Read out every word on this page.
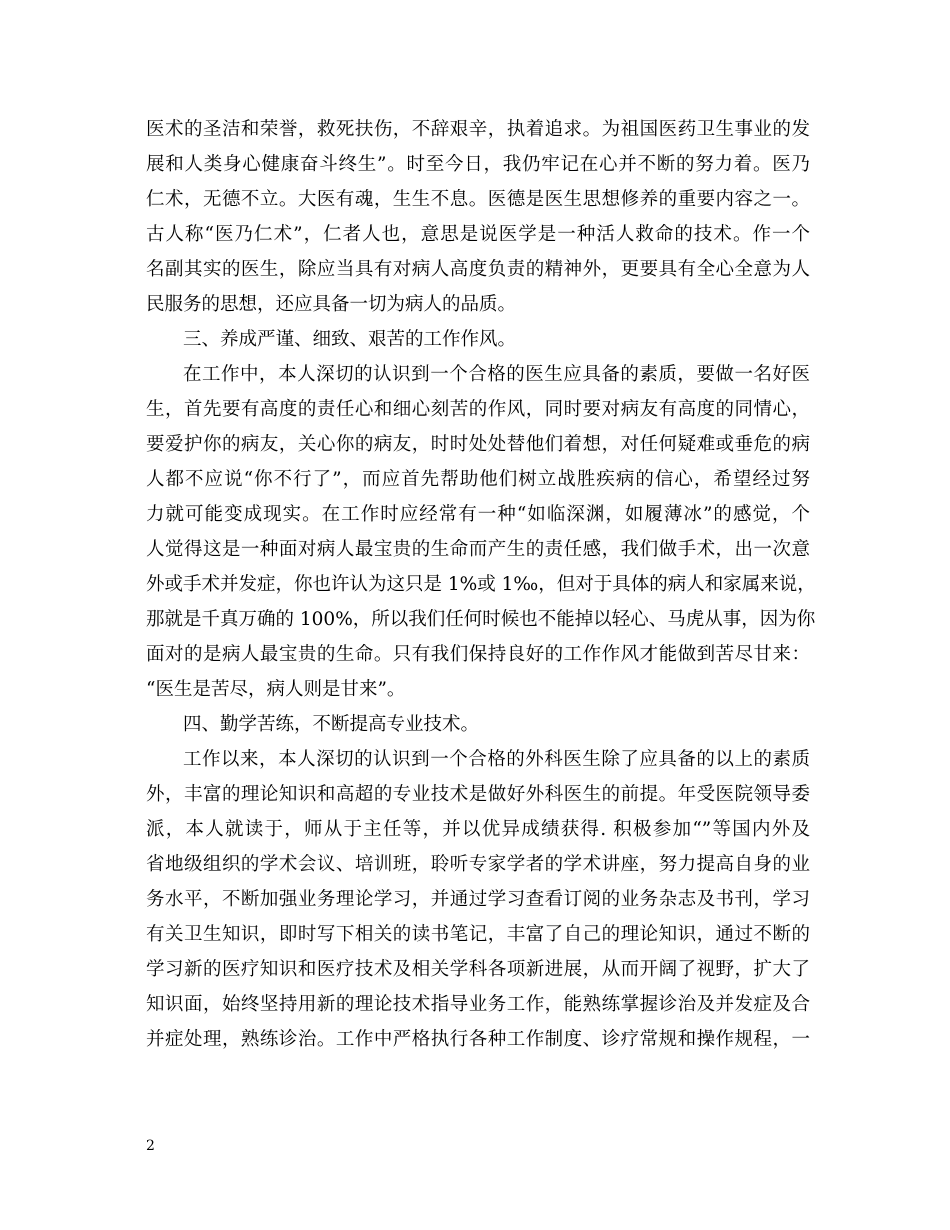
医术的圣洁和荣誉，救死扶伤，不辞艰辛，执着追求。为祖国医药卫生事业的发
展和人类身心健康奋斗终生”。时至今日，我仍牢记在心并不断的努力着。医乃
仁术，无德不立。大医有魂，生生不息。医德是医生思想修养的重要内容之一。
古人称“医乃仁术”，仁者人也，意思是说医学是一种活人救命的技术。作一个
名副其实的医生，除应当具有对病人高度负责的精神外，更要具有全心全意为人
民服务的思想，还应具备一切为病人的品质。
三、养成严谨、细致、艰苦的工作作风。
在工作中，本人深切的认识到一个合格的医生应具备的素质，要做一名好医
生，首先要有高度的责任心和细心刻苦的作风，同时要对病友有高度的同情心，
要爱护你的病友，关心你的病友，时时处处替他们着想，对任何疑难或垂危的病
人都不应说“你不行了”，而应首先帮助他们树立战胜疾病的信心，希望经过努
力就可能变成现实。在工作时应经常有一种“如临深渊，如履薄冰”的感觉，个
人觉得这是一种面对病人最宝贵的生命而产生的责任感，我们做手术，出一次意
外或手术并发症，你也许认为这只是 1%或 1‰，但对于具体的病人和家属来说，
那就是千真万确的 100%，所以我们任何时候也不能掉以轻心、马虎从事，因为你
面对的是病人最宝贵的生命。只有我们保持良好的工作作风才能做到苦尽甘来：
“医生是苦尽，病人则是甘来”。
四、勤学苦练，不断提高专业技术。
工作以来，本人深切的认识到一个合格的外科医生除了应具备的以上的素质
外，丰富的理论知识和高超的专业技术是做好外科医生的前提。年受医院领导委
派，本人就读于，师从于主任等，并以优异成绩获得. 积极参加“”等国内外及
省地级组织的学术会议、培训班，聆听专家学者的学术讲座，努力提高自身的业
务水平，不断加强业务理论学习，并通过学习查看订阅的业务杂志及书刊，学习
有关卫生知识，即时写下相关的读书笔记，丰富了自己的理论知识，通过不断的
学习新的医疗知识和医疗技术及相关学科各项新进展，从而开阔了视野，扩大了
知识面，始终坚持用新的理论技术指导业务工作，能熟练掌握诊治及并发症及合
并症处理，熟练诊治。工作中严格执行各种工作制度、诊疗常规和操作规程，一
2
